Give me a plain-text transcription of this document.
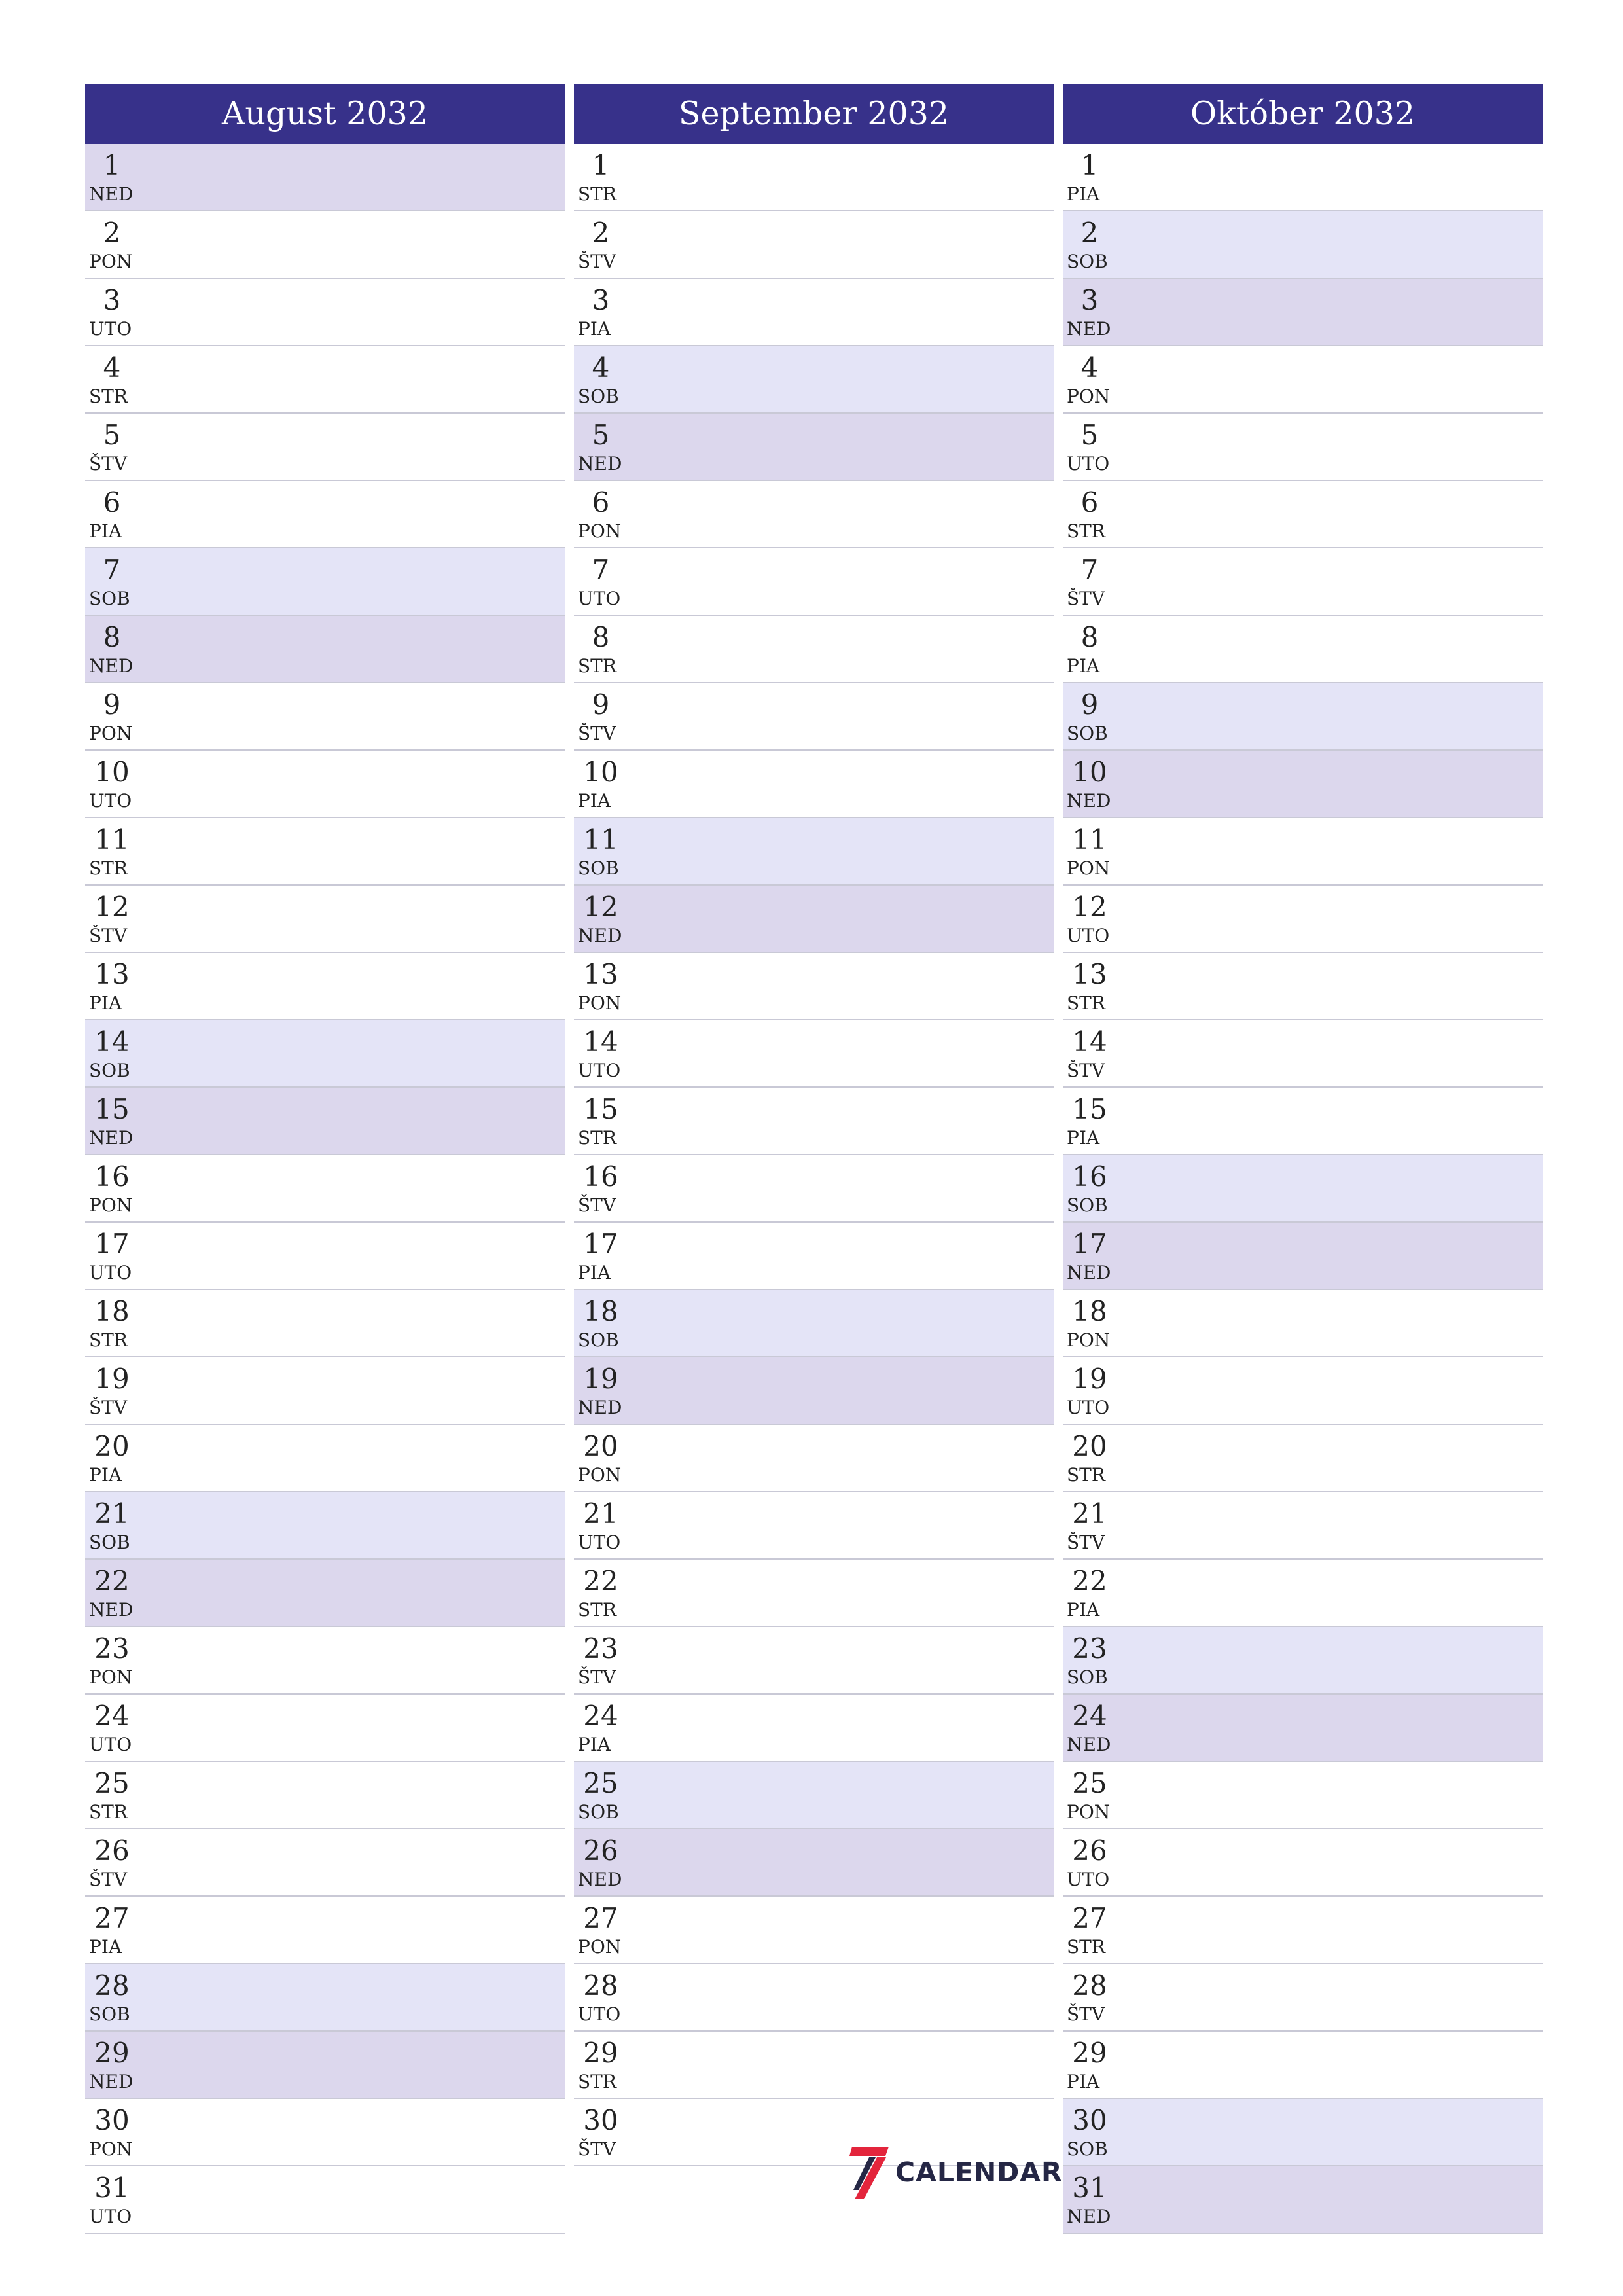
August 2032
1
NED
2
PON
3
UTO
4
STR
5
ŠTV
6
PIA
7
SOB
8
NED
9
PON
10
UTO
11
STR
12
ŠTV
13
PIA
14
SOB
15
NED
16
PON
17
UTO
18
STR
19
ŠTV
20
PIA
21
SOB
22
NED
23
PON
24
UTO
25
STR
26
ŠTV
27
PIA
28
SOB
29
NED
30
PON
31
UTO
September 2032
1
STR
2
ŠTV
3
PIA
4
SOB
5
NED
6
PON
7
UTO
8
STR
9
ŠTV
10
PIA
11
SOB
12
NED
13
PON
14
UTO
15
STR
16
ŠTV
17
PIA
18
SOB
19
NED
20
PON
21
UTO
22
STR
23
ŠTV
24
PIA
25
SOB
26
NED
27
PON
28
UTO
29
STR
30
ŠTV
Október 2032
1
PIA
2
SOB
3
NED
4
PON
5
UTO
6
STR
7
ŠTV
8
PIA
9
SOB
10
NED
11
PON
12
UTO
13
STR
14
ŠTV
15
PIA
16
SOB
17
NED
18
PON
19
UTO
20
STR
21
ŠTV
22
PIA
23
SOB
24
NED
25
PON
26
UTO
27
STR
28
ŠTV
29
PIA
30
SOB
31
NED
CALENDAR
